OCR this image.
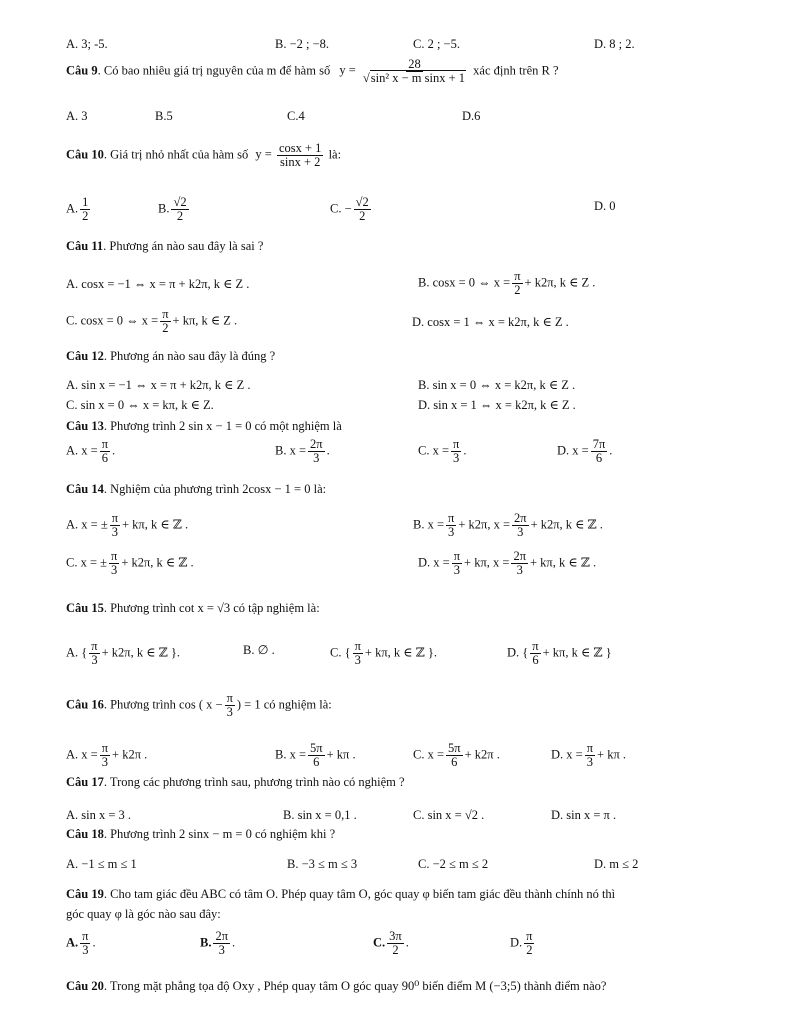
A. 3; -5.	B. −2 ; −8.	C. 2 ; −5.	D. 8 ; 2.
Câu 9. Có bao nhiêu giá trị nguyên của m để hàm số $y = \frac{28}{\text{√sin² x − m sinx + 1}}$ xác định trên R ?
A. 3	B.5	C.4	D.6
Câu 10. Giá trị nhỏ nhất của hàm số $y = \frac{\cos x + 1}{\sin x + 2}$ là:
A. $\frac{1}{2}$	B. $\frac{√2}{2}$	C. − $\frac{√2}{2}$	D. 0
Câu 11. Phương án nào sau đây là sai ?
A. cosx = −1 ⇔ x = π + k2π, k ∈ Z .	B. cosx = 0 ⇔ $x = \frac{\pi}{2} + k2\pi$, k ∈ Z .
C. cosx = 0 ⇔ $x = \frac{\pi}{2} + k\pi$, k ∈ Z .	D. cosx = 1 ⇔ x = k2π, k ∈ Z .
Câu 12. Phương án nào sau đây là đúng ?
A. sin x = −1 ⇔ x = π + k2π, k ∈ Z .	B. sin x = 0 ⇔ x = k2π, k ∈ Z .
C. sin x = 0 ⇔ x = kπ, k ∈ Z.	D. sin x = 1 ⇔ x = k2π, k ∈ Z .
Câu 13. Phương trình 2 sin x − 1 = 0 có một nghiệm là
A. $x = \frac{\pi}{6}$ .	B. $x = \frac{2\pi}{3}$ .	C. $x = \frac{\pi}{3}$ .	D. $x = \frac{7\pi}{6}$ .
Câu 14. Nghiệm của phương trình 2cosx − 1 = 0 là:
A. x = ± $\frac{\pi}{3} + k\pi$, k ∈ ℤ .	B. $x = \frac{\pi}{3} + k2\pi$, $x = \frac{2\pi}{3} + k2\pi$, k ∈ ℤ .
C. x = ± $\frac{\pi}{3} + k2\pi$, k ∈ ℤ .	D. $x = \frac{\pi}{3} + k\pi$, $x = \frac{2\pi}{3} + k\pi$, k ∈ ℤ .
Câu 15. Phương trình cot x = √3 có tập nghiệm là:
A. { $\frac{\pi}{3} + k2\pi$, k ∈ ℤ }.	B. ∅ .	C. { $\frac{\pi}{3} + k\pi$, k ∈ ℤ }.	D. { $\frac{\pi}{6} + k\pi$, k ∈ ℤ }
Câu 16. Phương trình cos ( $x - \frac{\pi}{3}$ ) = 1 có nghiệm là:
A. $x = \frac{\pi}{3} + k2\pi$ .	B. $x = \frac{5\pi}{6} + k\pi$ .	C. $x = \frac{5\pi}{6} + k2\pi$ .	D. $x = \frac{\pi}{3} + k\pi$ .
Câu 17. Trong các phương trình sau, phương trình nào có nghiệm ?
A. sin x = 3 .	B. sin x = 0,1 .	C. sin x = √2 .	D. sin x = π .
Câu 18. Phương trình 2 sinx − m = 0 có nghiệm khi ?
A. −1 ≤ m ≤ 1	B. −3 ≤ m ≤ 3	C. −2 ≤ m ≤ 2	D. m ≤ 2
Câu 19. Cho tam giác đều ABC có tâm O. Phép quay tâm O, góc quay φ biến tam giác đều thành chính nó thì
góc quay φ là góc nào sau đây:
A. $\frac{\pi}{3}$ .	B. $\frac{2\pi}{3}$ .	C. $\frac{3\pi}{2}$ .	D. $\frac{\pi}{2}$
Câu 20. Trong mặt phẳng tọa độ Oxy , Phép quay tâm O góc quay 90⁰ biến điểm M (−3;5) thành điểm nào?
